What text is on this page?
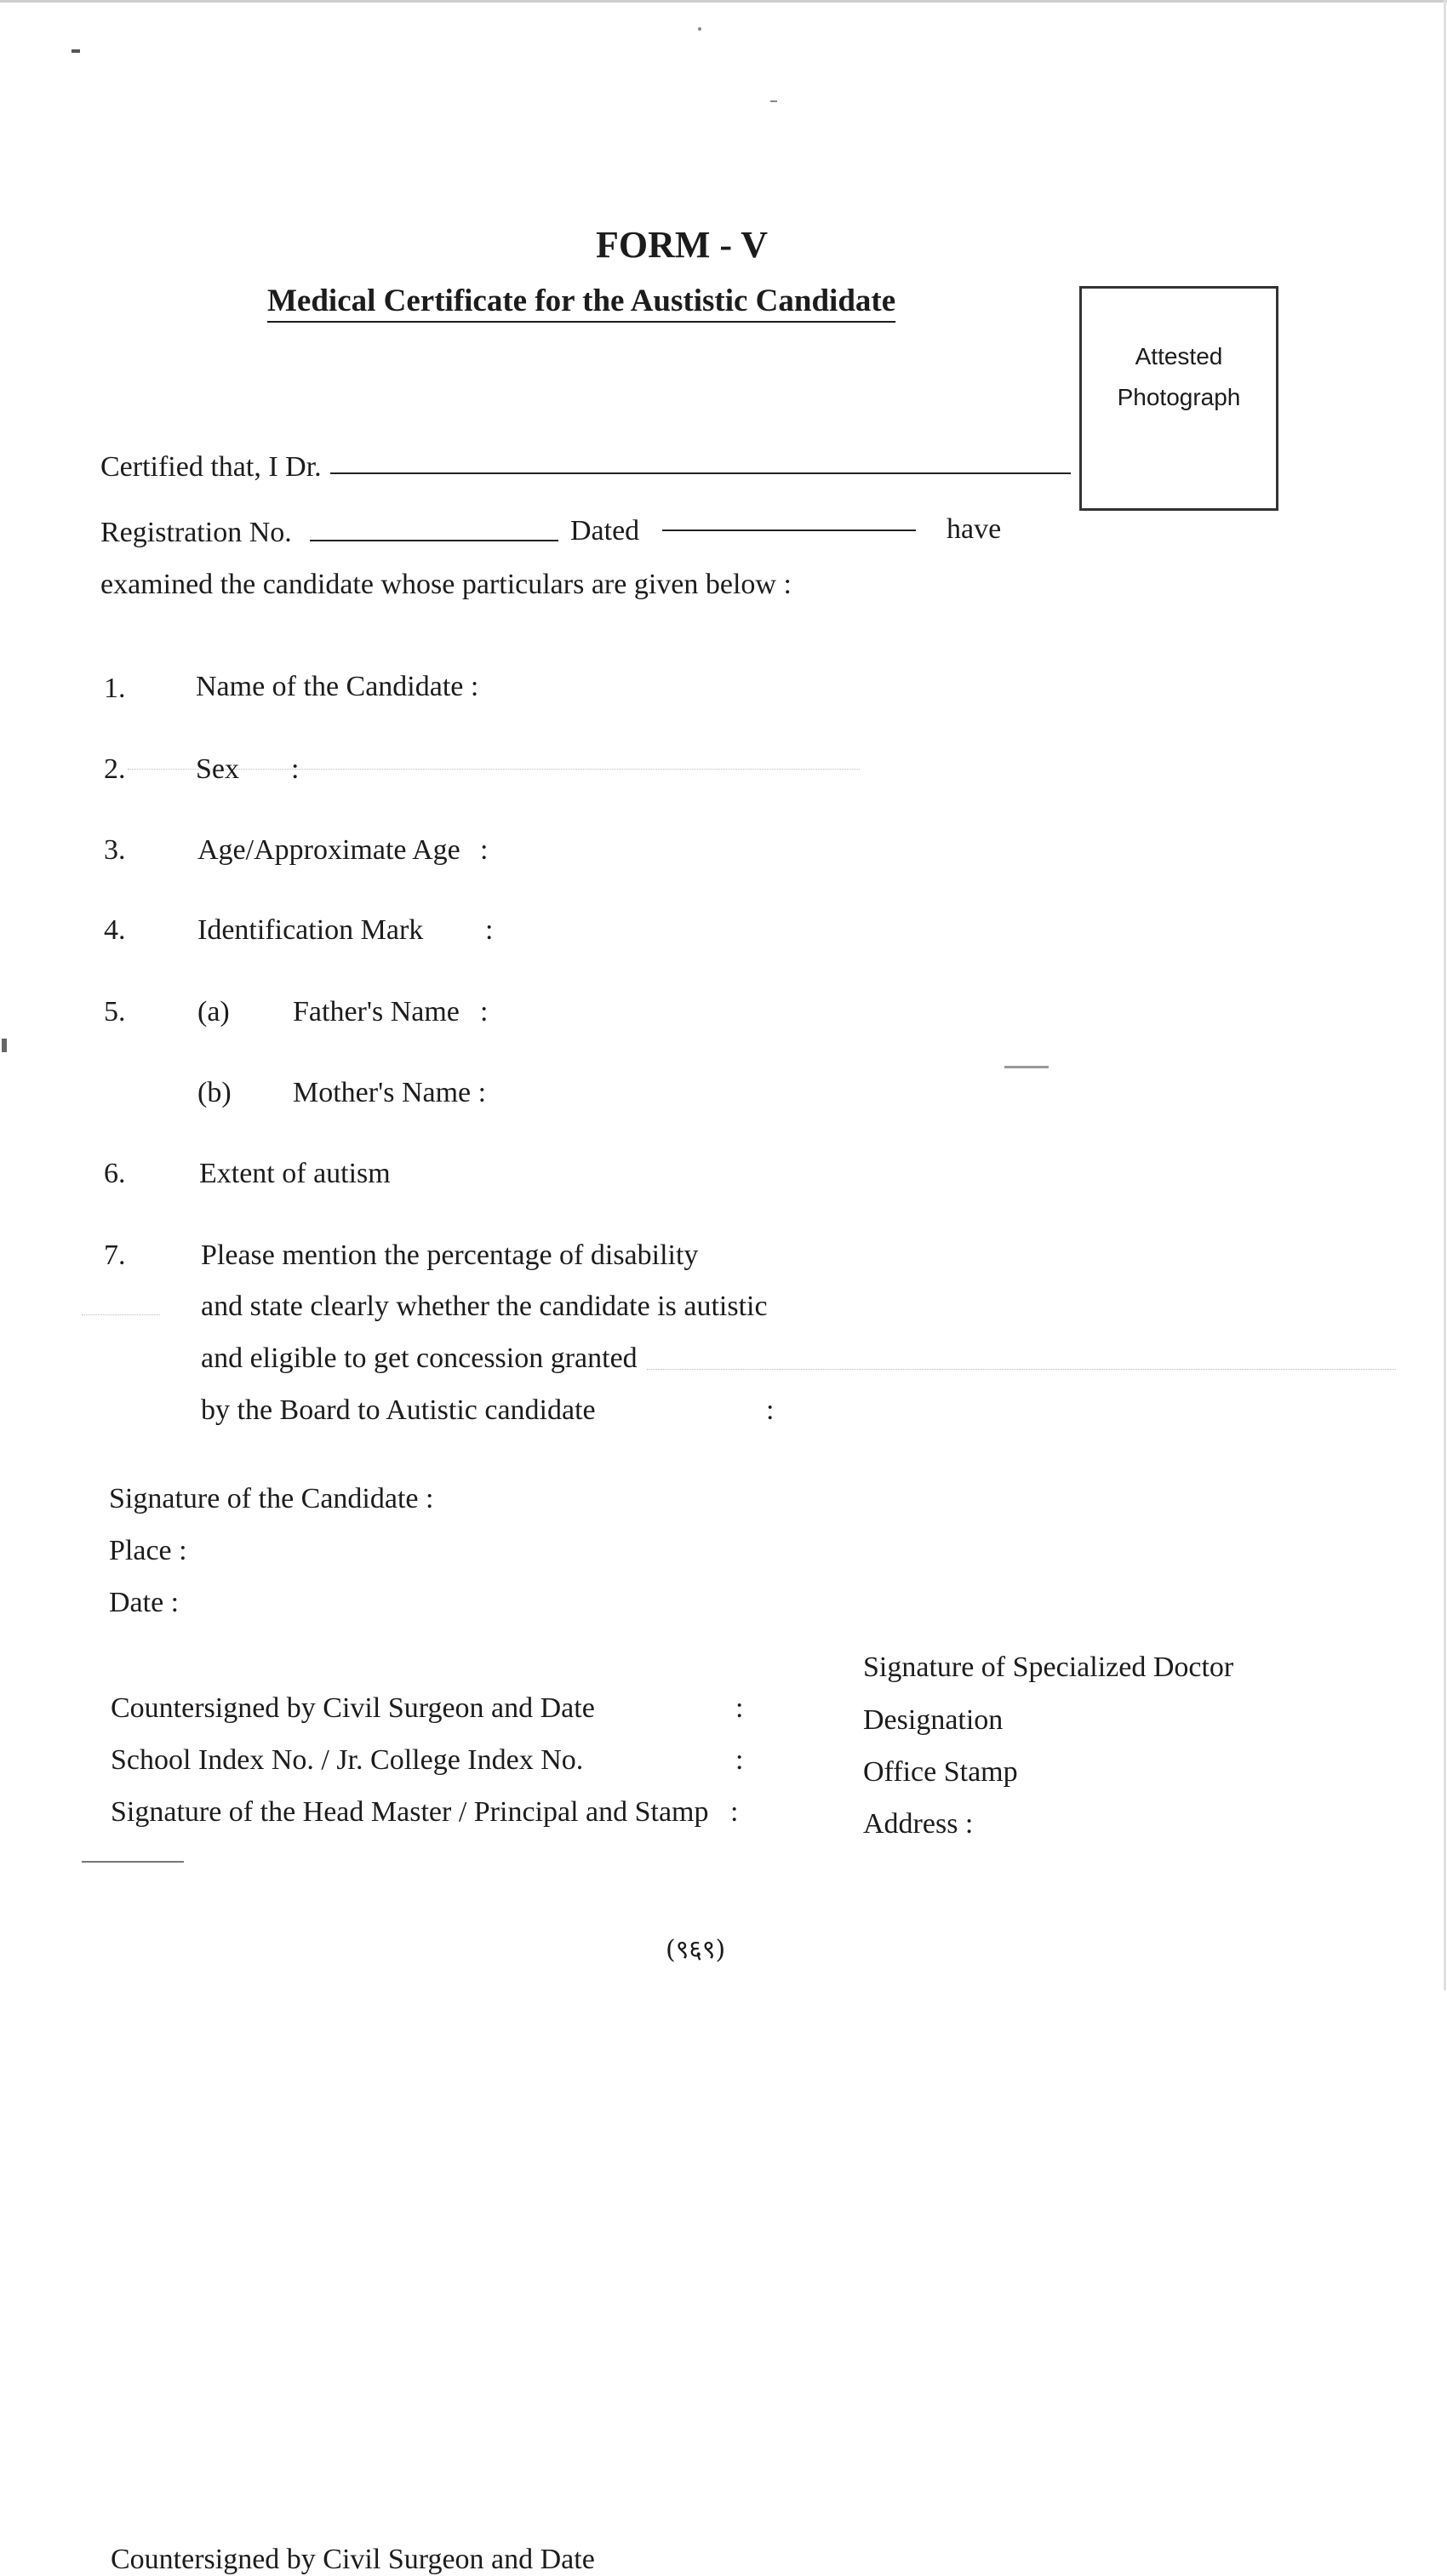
FORM - V
Medical Certificate for the Austistic Candidate
Attested
Photograph
Certified that, I Dr.
Registration No.	Dated	have
examined the candidate whose particulars are given below :
1. Name of the Candidate :
2. Sex :
3. Age/Approximate Age :
4. Identification Mark :
5. (a) Father's Name :
(b) Mother's Name :
6.	Extent of autism
7.	Please mention the percentage of disability
and state clearly whether the candidate is autistic
and eligible to get concession granted
by the Board to Autistic candidate	:
Signature of the Candidate :
Place :
Date :
Signature of Specialized Doctor
Designation
Office Stamp
Address :
Countersigned by Civil Surgeon and Date
Countersigned by Civil Surgeon and Date	:
School Index No. / Jr. College Index No.	:
Signature of the Head Master / Principal and Stamp :
(९६९)
